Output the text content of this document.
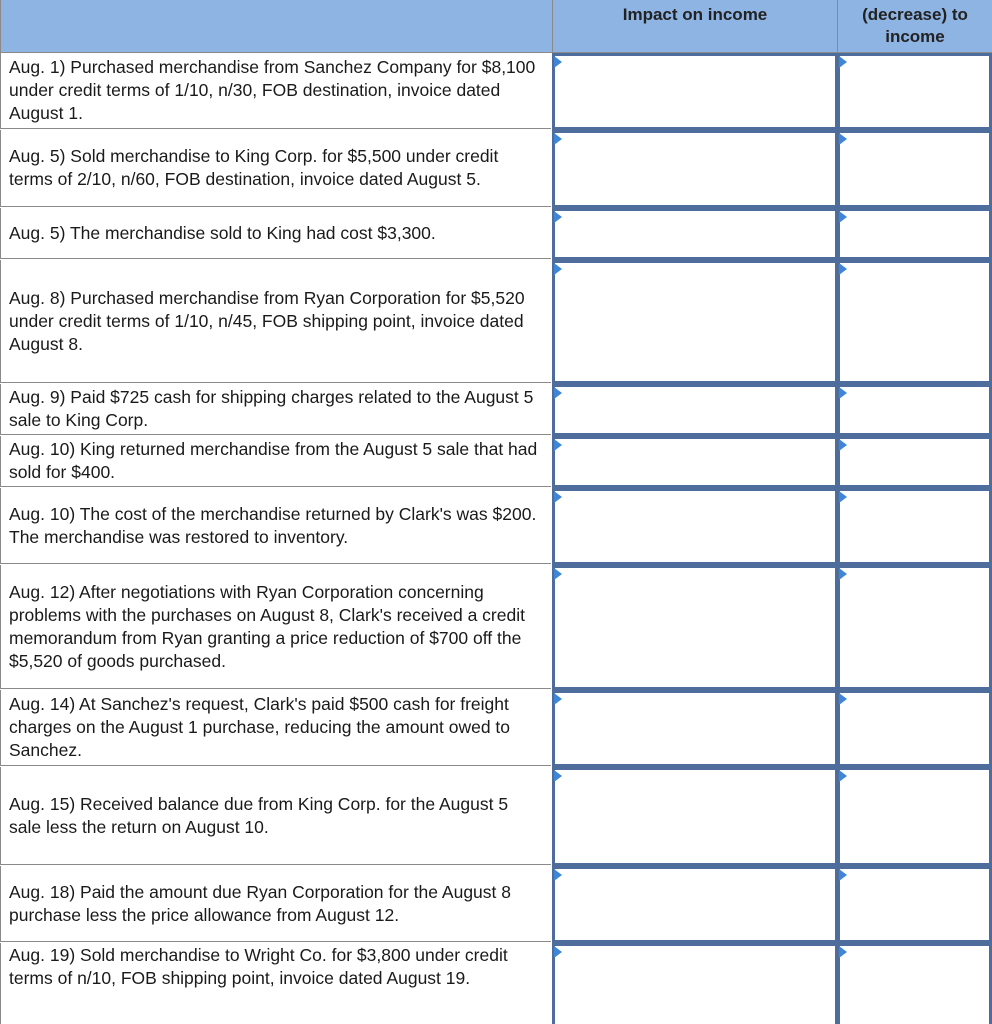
Impact on income	(decrease) to income
Aug. 1) Purchased merchandise from Sanchez Company for $8,100 under credit terms of 1/10, n/30, FOB destination, invoice dated August 1.
Aug. 5) Sold merchandise to King Corp. for $5,500 under credit terms of 2/10, n/60, FOB destination, invoice dated August 5.
Aug. 5) The merchandise sold to King had cost $3,300.
Aug. 8) Purchased merchandise from Ryan Corporation for $5,520 under credit terms of 1/10, n/45, FOB shipping point, invoice dated August 8.
Aug. 9) Paid $725 cash for shipping charges related to the August 5 sale to King Corp.
Aug. 10) King returned merchandise from the August 5 sale that had sold for $400.
Aug. 10) The cost of the merchandise returned by Clark's was $200. The merchandise was restored to inventory.
Aug. 12) After negotiations with Ryan Corporation concerning problems with the purchases on August 8, Clark's received a credit memorandum from Ryan granting a price reduction of $700 off the $5,520 of goods purchased.
Aug. 14) At Sanchez's request, Clark's paid $500 cash for freight charges on the August 1 purchase, reducing the amount owed to Sanchez.
Aug. 15) Received balance due from King Corp. for the August 5 sale less the return on August 10.
Aug. 18) Paid the amount due Ryan Corporation for the August 8 purchase less the price allowance from August 12.
Aug. 19) Sold merchandise to Wright Co. for $3,800 under credit terms of n/10, FOB shipping point, invoice dated August 19.
